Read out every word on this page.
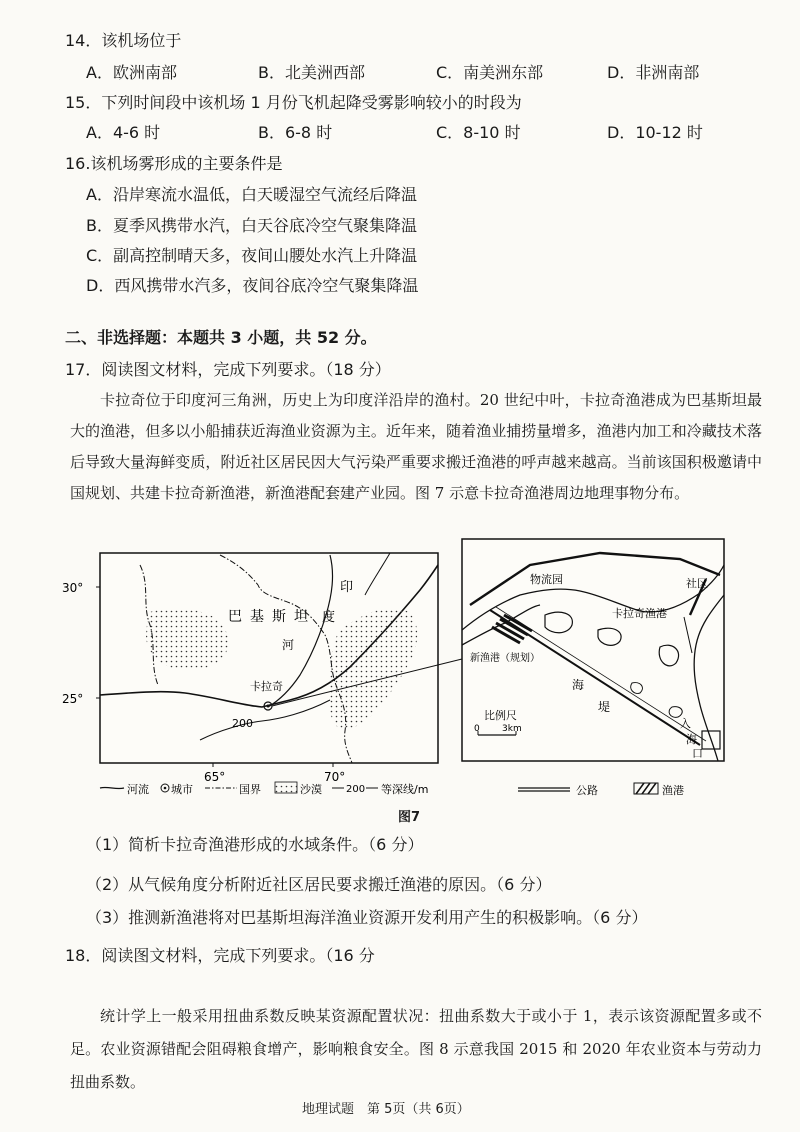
14．该机场位于
A．欧洲南部	B．北美洲西部	C．南美洲东部	D．非洲南部
15．下列时间段中该机场 1 月份飞机起降受雾影响较小的时段为
A．4-6 时	B．6-8 时	C．8-10 时	D．10-12 时
16.该机场雾形成的主要条件是
A．沿岸寒流水温低，白天暖湿空气流经后降温
B．夏季风携带水汽，白天谷底冷空气聚集降温
C．副高控制晴天多，夜间山腰处水汽上升降温
D．西风携带水汽多，夜间谷底冷空气聚集降温
二、非选择题：本题共 3 小题，共 52 分。
17．阅读图文材料，完成下列要求。（18 分）
卡拉奇位于印度河三角洲，历史上为印度洋沿岸的渔村。20 世纪中叶，卡拉奇渔港成为巴基斯坦最大的渔港，但多以小船捕获近海渔业资源为主。近年来，随着渔业捕捞量增多，渔港内加工和冷藏技术落后导致大量海鲜变质，附近社区居民因大气污染严重要求搬迁渔港的呼声越来越高。当前该国积极邀请中国规划、共建卡拉奇新渔港，新渔港配套建产业园。图 7 示意卡拉奇渔港周边地理事物分布。
30°
25°
65°	70°
200
巴基斯坦
印
度
河
卡拉奇
河流 城市	国界	沙漠 200 等深线/m
物流园	社区
卡拉奇渔港
新渔港（规划）
海
堤
入
海
口
比例尺
0 3km
公路	渔港
图7
（1）简析卡拉奇渔港形成的水域条件。（6 分）
（2）从气候角度分析附近社区居民要求搬迁渔港的原因。（6 分）
（3）推测新渔港将对巴基斯坦海洋渔业资源开发利用产生的积极影响。（6 分）
18．阅读图文材料，完成下列要求。（16 分
统计学上一般采用扭曲系数反映某资源配置状况：扭曲系数大于或小于 1，表示该资源配置多或不足。农业资源错配会阻碍粮食增产，影响粮食安全。图 8 示意我国 2015 和 2020 年农业资本与劳动力扭曲系数。
地理试题　第 5页（共 6页）
